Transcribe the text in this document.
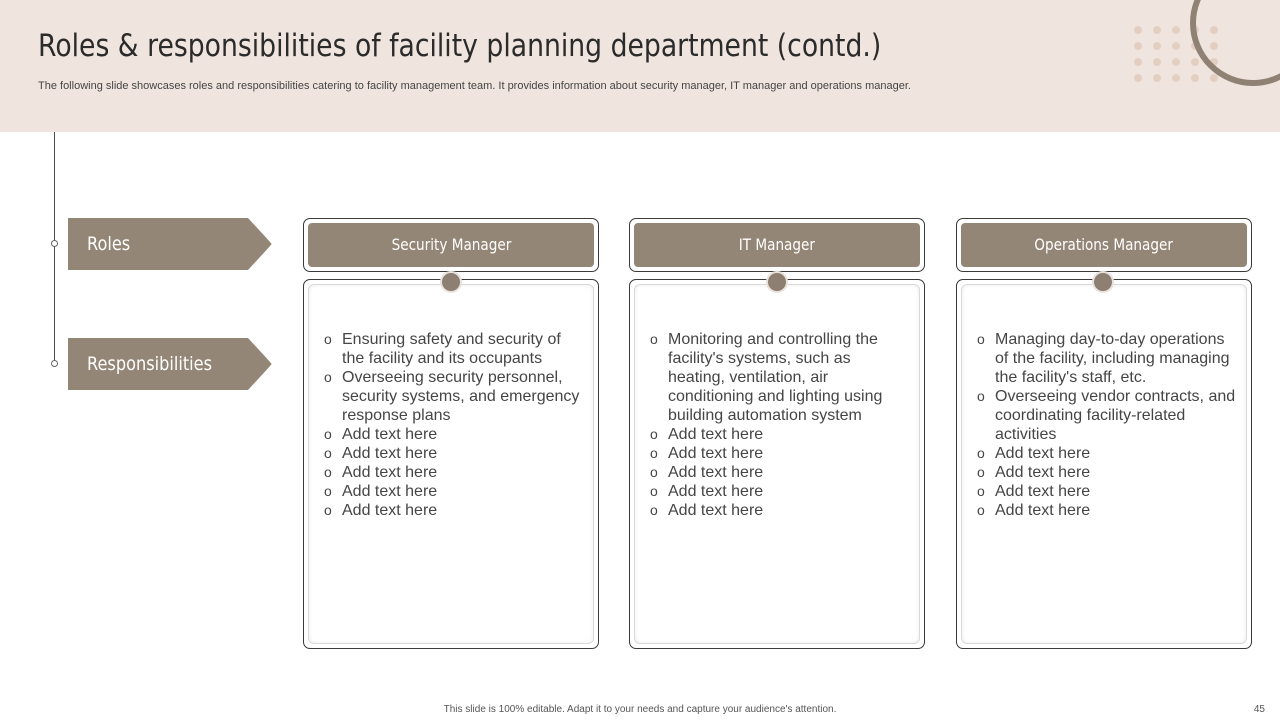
Roles & responsibilities of facility planning department (contd.)
The following slide showcases roles and responsibilities catering to facility management team. It provides information about security manager, IT manager and operations manager.
Roles
Responsibilities
Security Manager
o Ensuring safety and security of the facility and its occupants
o Overseeing security personnel, security systems, and emergency response plans
o Add text here
o Add text here
o Add text here
o Add text here
o Add text here
IT Manager
o Monitoring and controlling the facility's systems, such as heating, ventilation, air conditioning and lighting using building automation system
o Add text here
o Add text here
o Add text here
o Add text here
o Add text here
Operations Manager
o Managing day-to-day operations of the facility, including managing the facility's staff, etc.
o Overseeing vendor contracts, and coordinating facility-related activities
o Add text here
o Add text here
o Add text here
o Add text here
This slide is 100% editable. Adapt it to your needs and capture your audience's attention.	45
